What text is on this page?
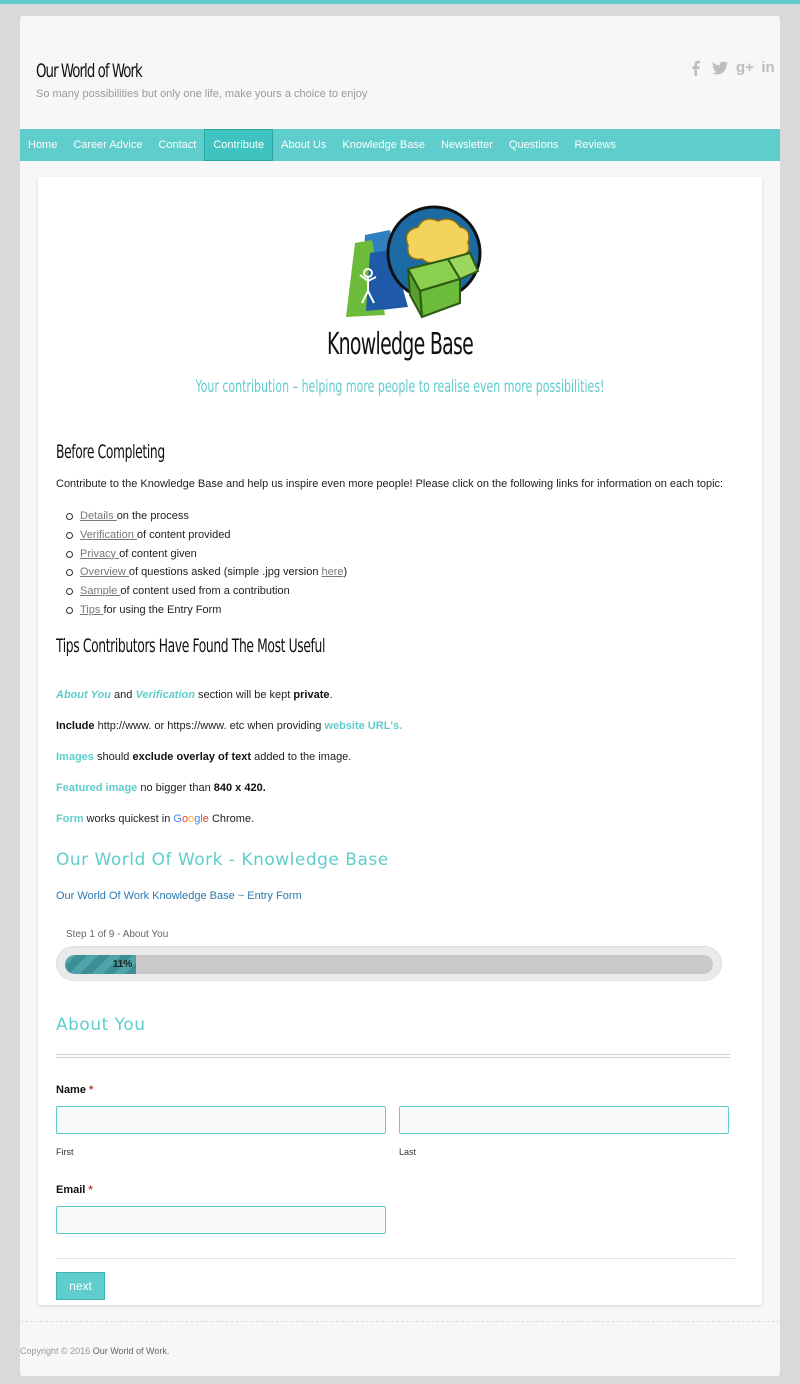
Our World of Work
So many possibilities but only one life, make yours a choice to enjoy
g+ in
Home	Career Advice	Contact	Contribute	About Us	Knowledge Base	Newsletter	Questions	Reviews
Knowledge Base
Your contribution – helping more people to realise even more possibilities!
Before Completing
Contribute to the Knowledge Base and help us inspire even more people! Please click on the following links for information on each topic:
Details on the process
Verification of content provided
Privacy of content given
Overview of questions asked (simple .jpg version here)
Sample of content used from a contribution
Tips for using the Entry Form
Tips Contributors Have Found The Most Useful
About You and Verification section will be kept private.
Include http://www. or https://www. etc when providing website URL's.
Images should exclude overlay of text added to the image.
Featured image no bigger than 840 x 420.
Form works quickest in Google Chrome.
Our World Of Work - Knowledge Base
Our World Of Work Knowledge Base ~ Entry Form
Step 1 of 9 - About You
11%
About You
Name *
First	Last
Email *
next
Copyright © 2016 Our World of Work.
